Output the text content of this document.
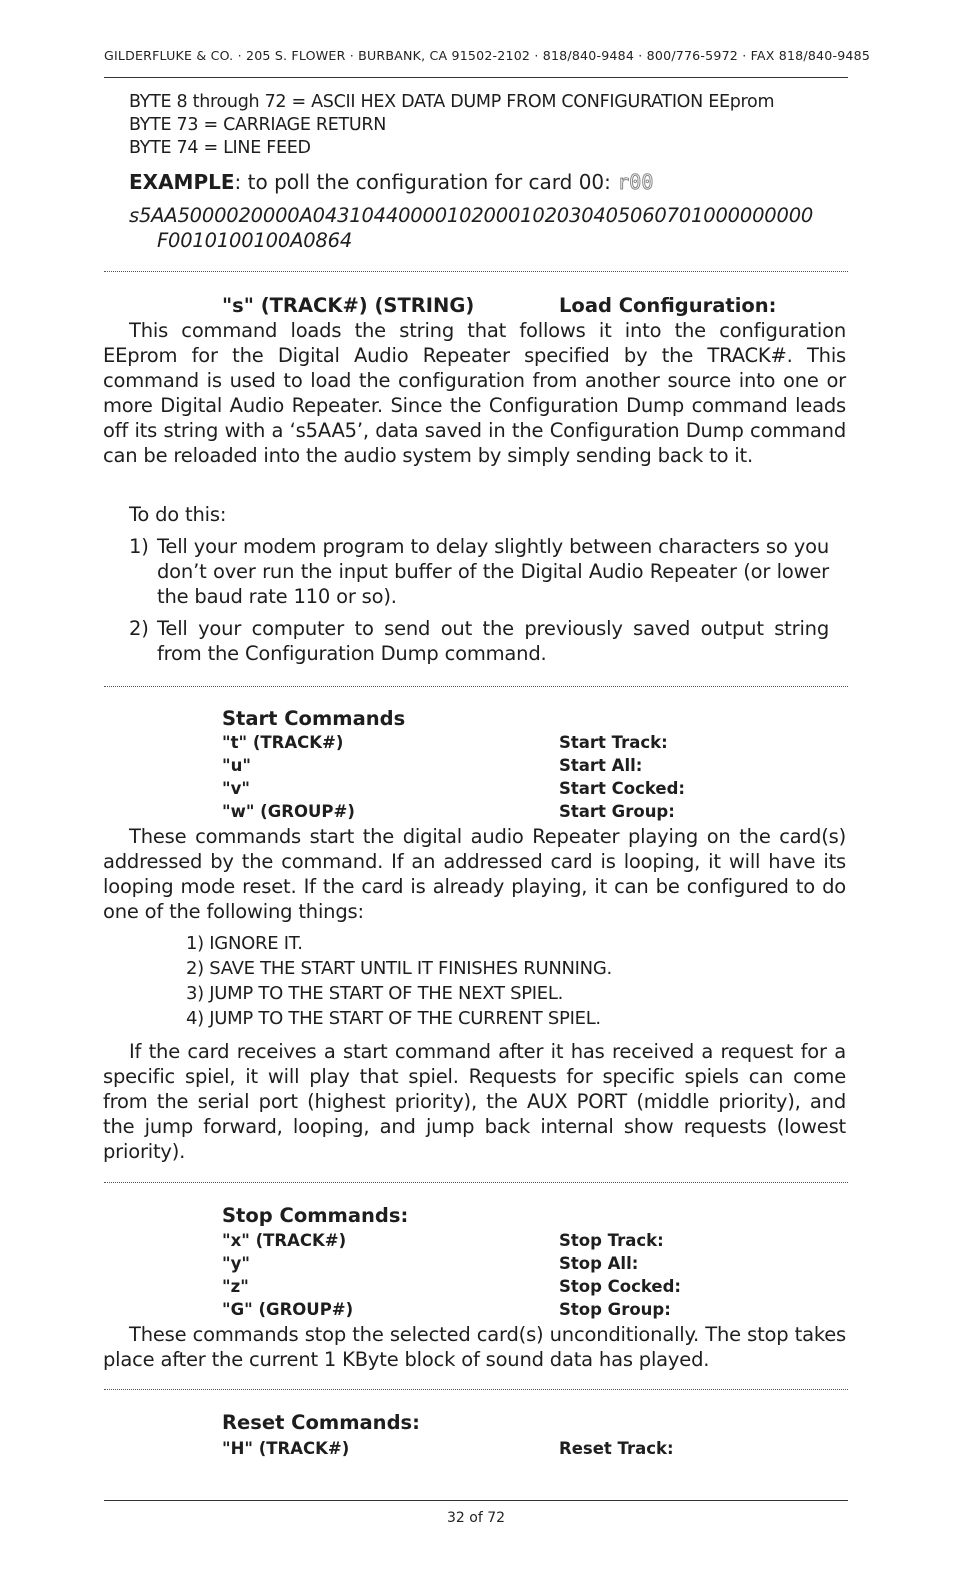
GILDERFLUKE & CO. · 205 S. FLOWER · BURBANK, CA 91502-2102 · 818/840-9484 · 800/776-5972 · FAX 818/840-9485
BYTE 8 through 72 = ASCII HEX DATA DUMP FROM CONFIGURATION EEprom
BYTE 73 = CARRIAGE RETURN
BYTE 74 = LINE FEED
EXAMPLE: to poll the configuration for card 00: r00
s5AA5000020000A04310440000102000102030405060701000000000
F0010100100A0864
"s" (TRACK#) (STRING)	Load Configuration:
This command loads the string that follows it into the configuration EEprom for the Digital Audio Repeater specified by the TRACK#. This command is used to load the configuration from another source into one or more Digital Audio Repeater. Since the Configuration Dump command leads off its string with a ‘s5AA5’, data saved in the Configuration Dump command can be reloaded into the audio system by simply sending back to it.
To do this:
1) Tell your modem program to delay slightly between characters so you don’t over run the input buffer of the Digital Audio Repeater (or lower the baud rate 110 or so).
2) Tell your computer to send out the previously saved output string from the Configuration Dump command.
Start Commands
"t" (TRACK#)	Start Track:
"u"	Start All:
"v"	Start Cocked:
"w" (GROUP#)	Start Group:
These commands start the digital audio Repeater playing on the card(s) addressed by the command. If an addressed card is looping, it will have its looping mode reset. If the card is already playing, it can be configured to do one of the following things:
1) IGNORE IT.
2) SAVE THE START UNTIL IT FINISHES RUNNING.
3) JUMP TO THE START OF THE NEXT SPIEL.
4) JUMP TO THE START OF THE CURRENT SPIEL.
If the card receives a start command after it has received a request for a specific spiel, it will play that spiel. Requests for specific spiels can come from the serial port (highest priority), the AUX PORT (middle priority), and the jump forward, looping, and jump back internal show requests (lowest priority).
Stop Commands:
"x" (TRACK#)	Stop Track:
"y"	Stop All:
"z"	Stop Cocked:
"G" (GROUP#)	Stop Group:
These commands stop the selected card(s) unconditionally. The stop takes place after the current 1 KByte block of sound data has played.
Reset Commands:
"H" (TRACK#)	Reset Track:
32 of 72
